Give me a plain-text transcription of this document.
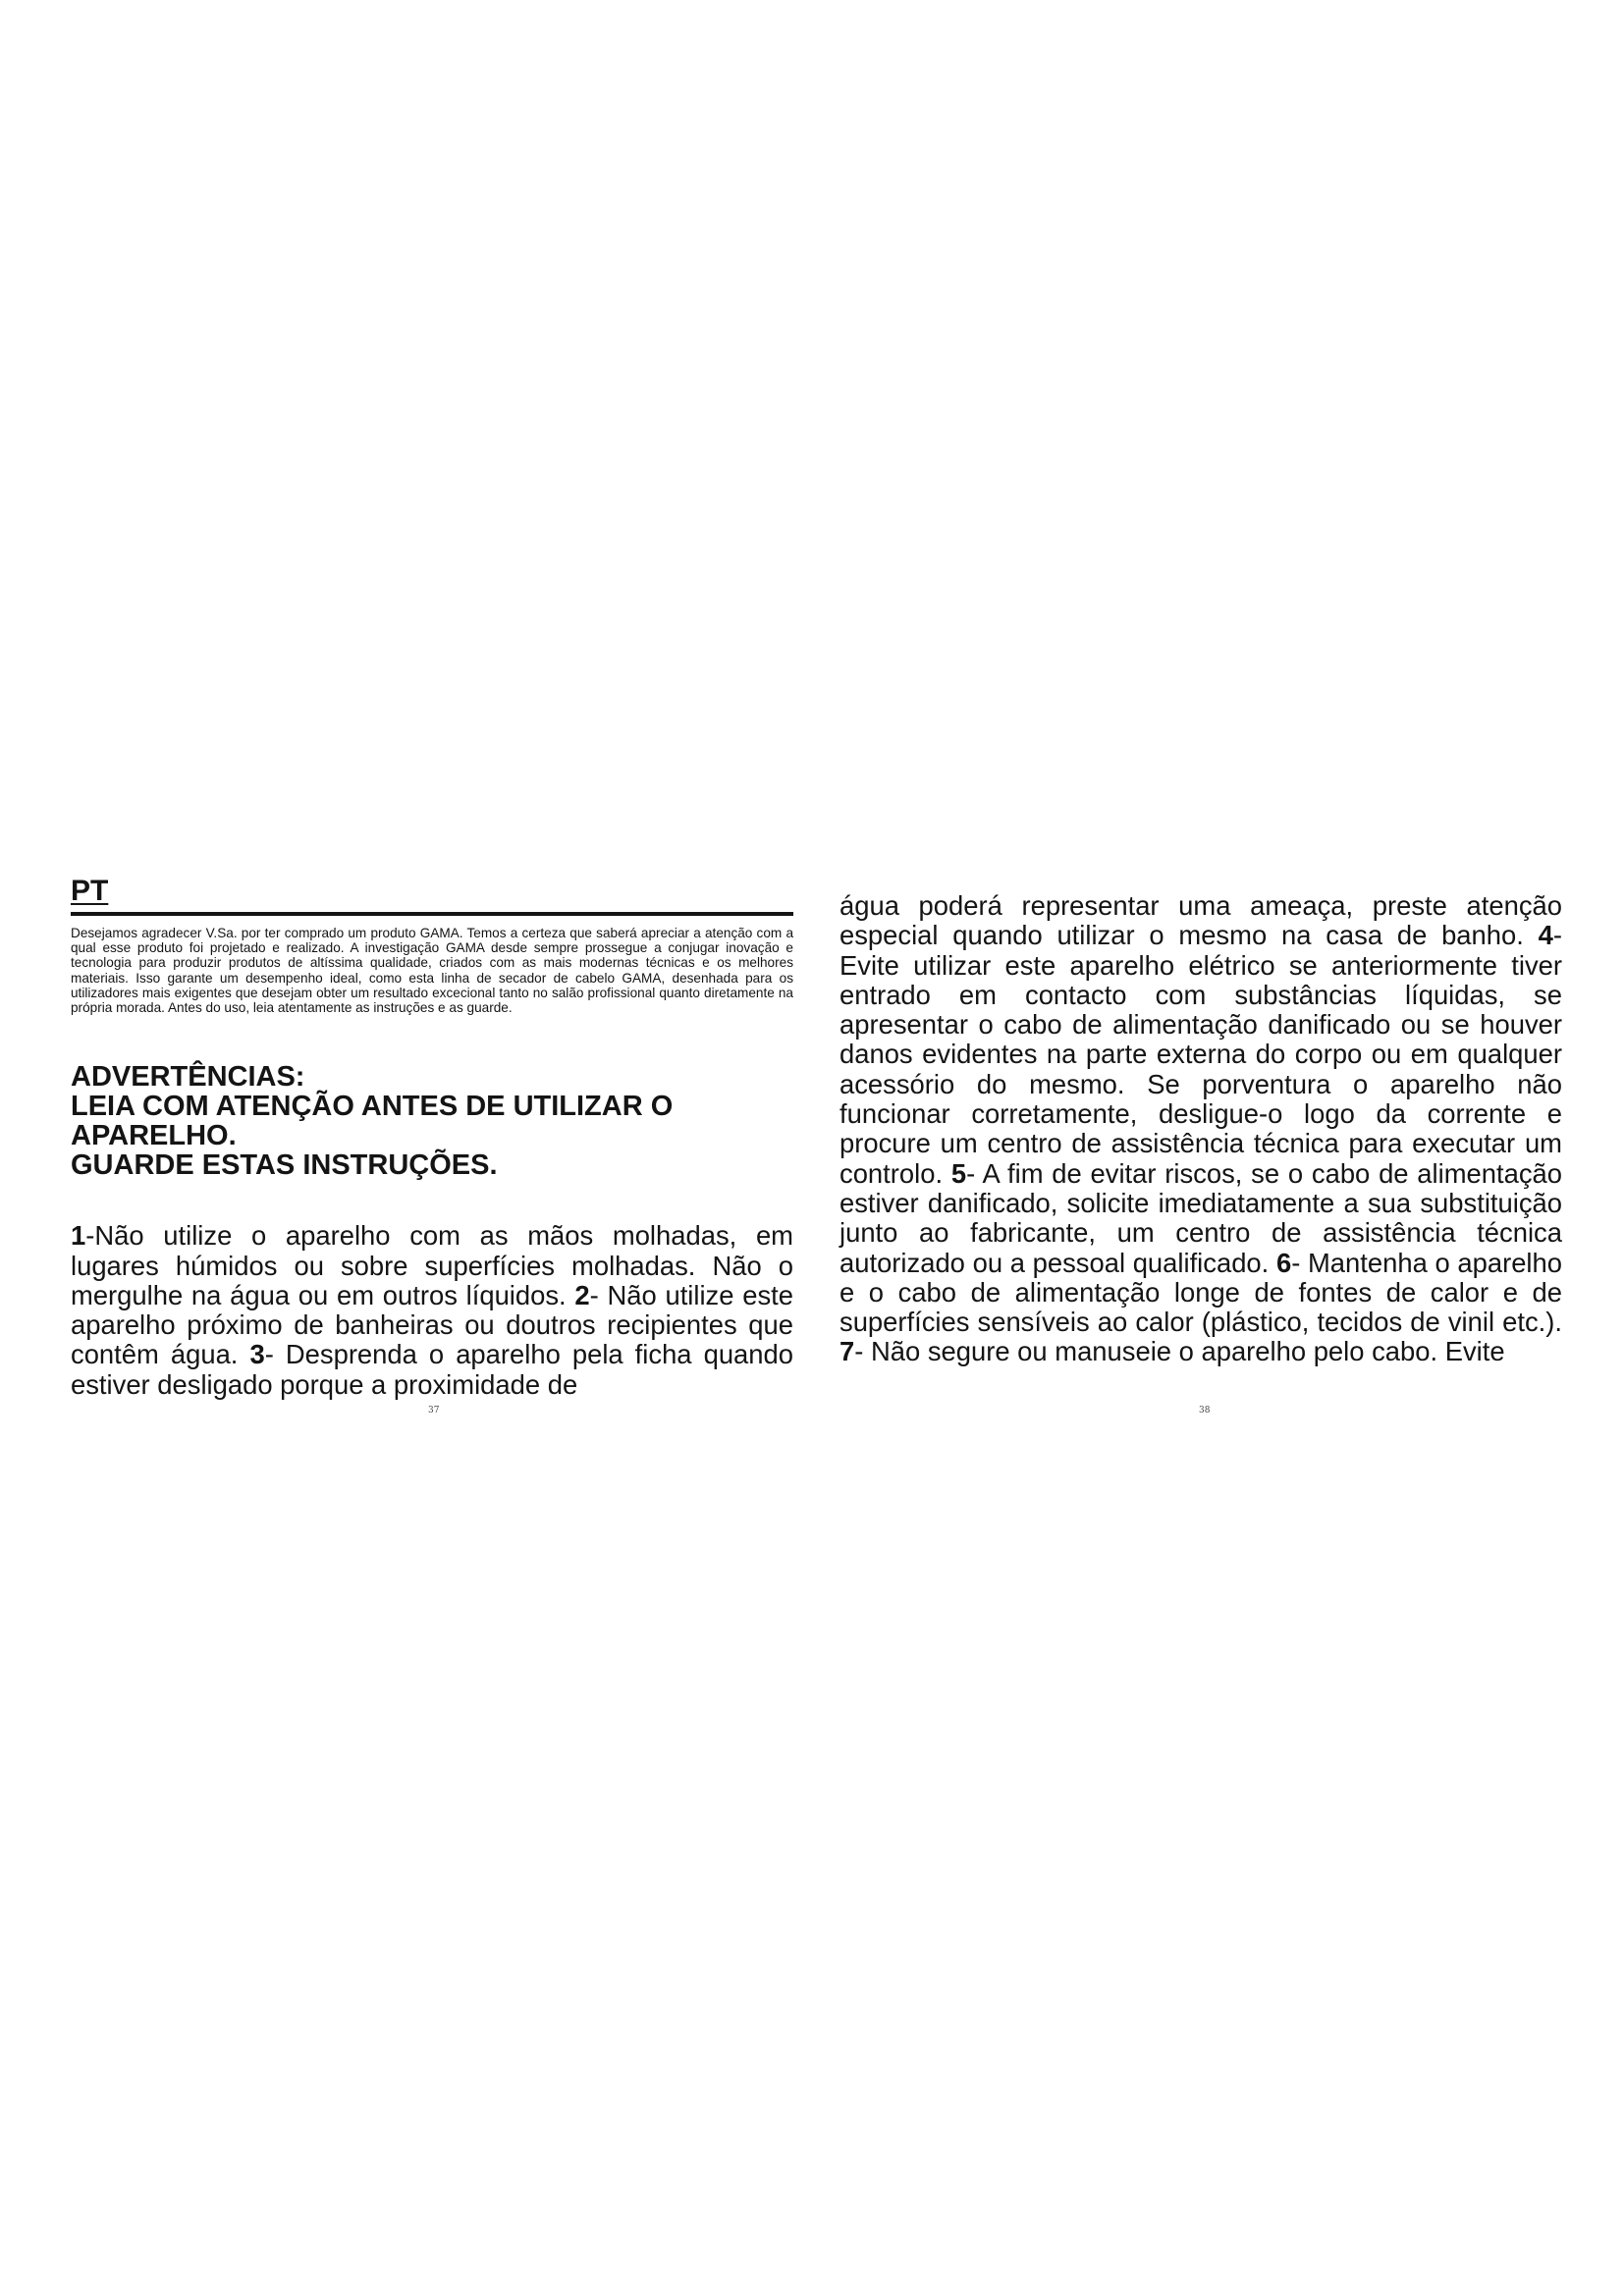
PT

Desejamos agradecer V.Sa. por ter comprado um produto GAMA. Temos a certeza que saberá apreciar a atenção com a qual esse produto foi projetado e realizado. A investigação GAMA desde sempre prossegue a conjugar inovação e tecnologia para produzir produtos de altíssima qualidade, criados com as mais modernas técnicas e os melhores materiais. Isso garante um desempenho ideal, como esta linha de secador de cabelo GAMA, desenhada para os utilizadores mais exigentes que desejam obter um resultado excecional tanto no salão profissional quanto diretamente na própria morada. Antes do uso, leia atentamente as instruções e as guarde.

ADVERTÊNCIAS:
LEIA COM ATENÇÃO ANTES DE UTILIZAR O APARELHO.
GUARDE ESTAS INSTRUÇÕES.

1-Não utilize o aparelho com as mãos molhadas, em lugares húmidos ou sobre superfícies molhadas. Não o mergulhe na água ou em outros líquidos. 2- Não utilize este aparelho próximo de banheiras ou doutros recipientes que contêm água. 3- Desprenda o aparelho pela ficha quando estiver desligado porque a proximidade de

37	38

água poderá representar uma ameaça, preste atenção especial quando utilizar o mesmo na casa de banho. 4- Evite utilizar este aparelho elétrico se anteriormente tiver entrado em contacto com substâncias líquidas, se apresentar o cabo de alimentação danificado ou se houver danos evidentes na parte externa do corpo ou em qualquer acessório do mesmo. Se porventura o aparelho não funcionar corretamente, desligue-o logo da corrente e procure um centro de assistência técnica para executar um controlo. 5- A fim de evitar riscos, se o cabo de alimentação estiver danificado, solicite imediatamente a sua substituição junto ao fabricante, um centro de assistência técnica autorizado ou a pessoal qualificado. 6- Mantenha o aparelho e o cabo de alimentação longe de fontes de calor e de superfícies sensíveis ao calor (plástico, tecidos de vinil etc.). 7- Não segure ou manuseie o aparelho pelo cabo. Evite
